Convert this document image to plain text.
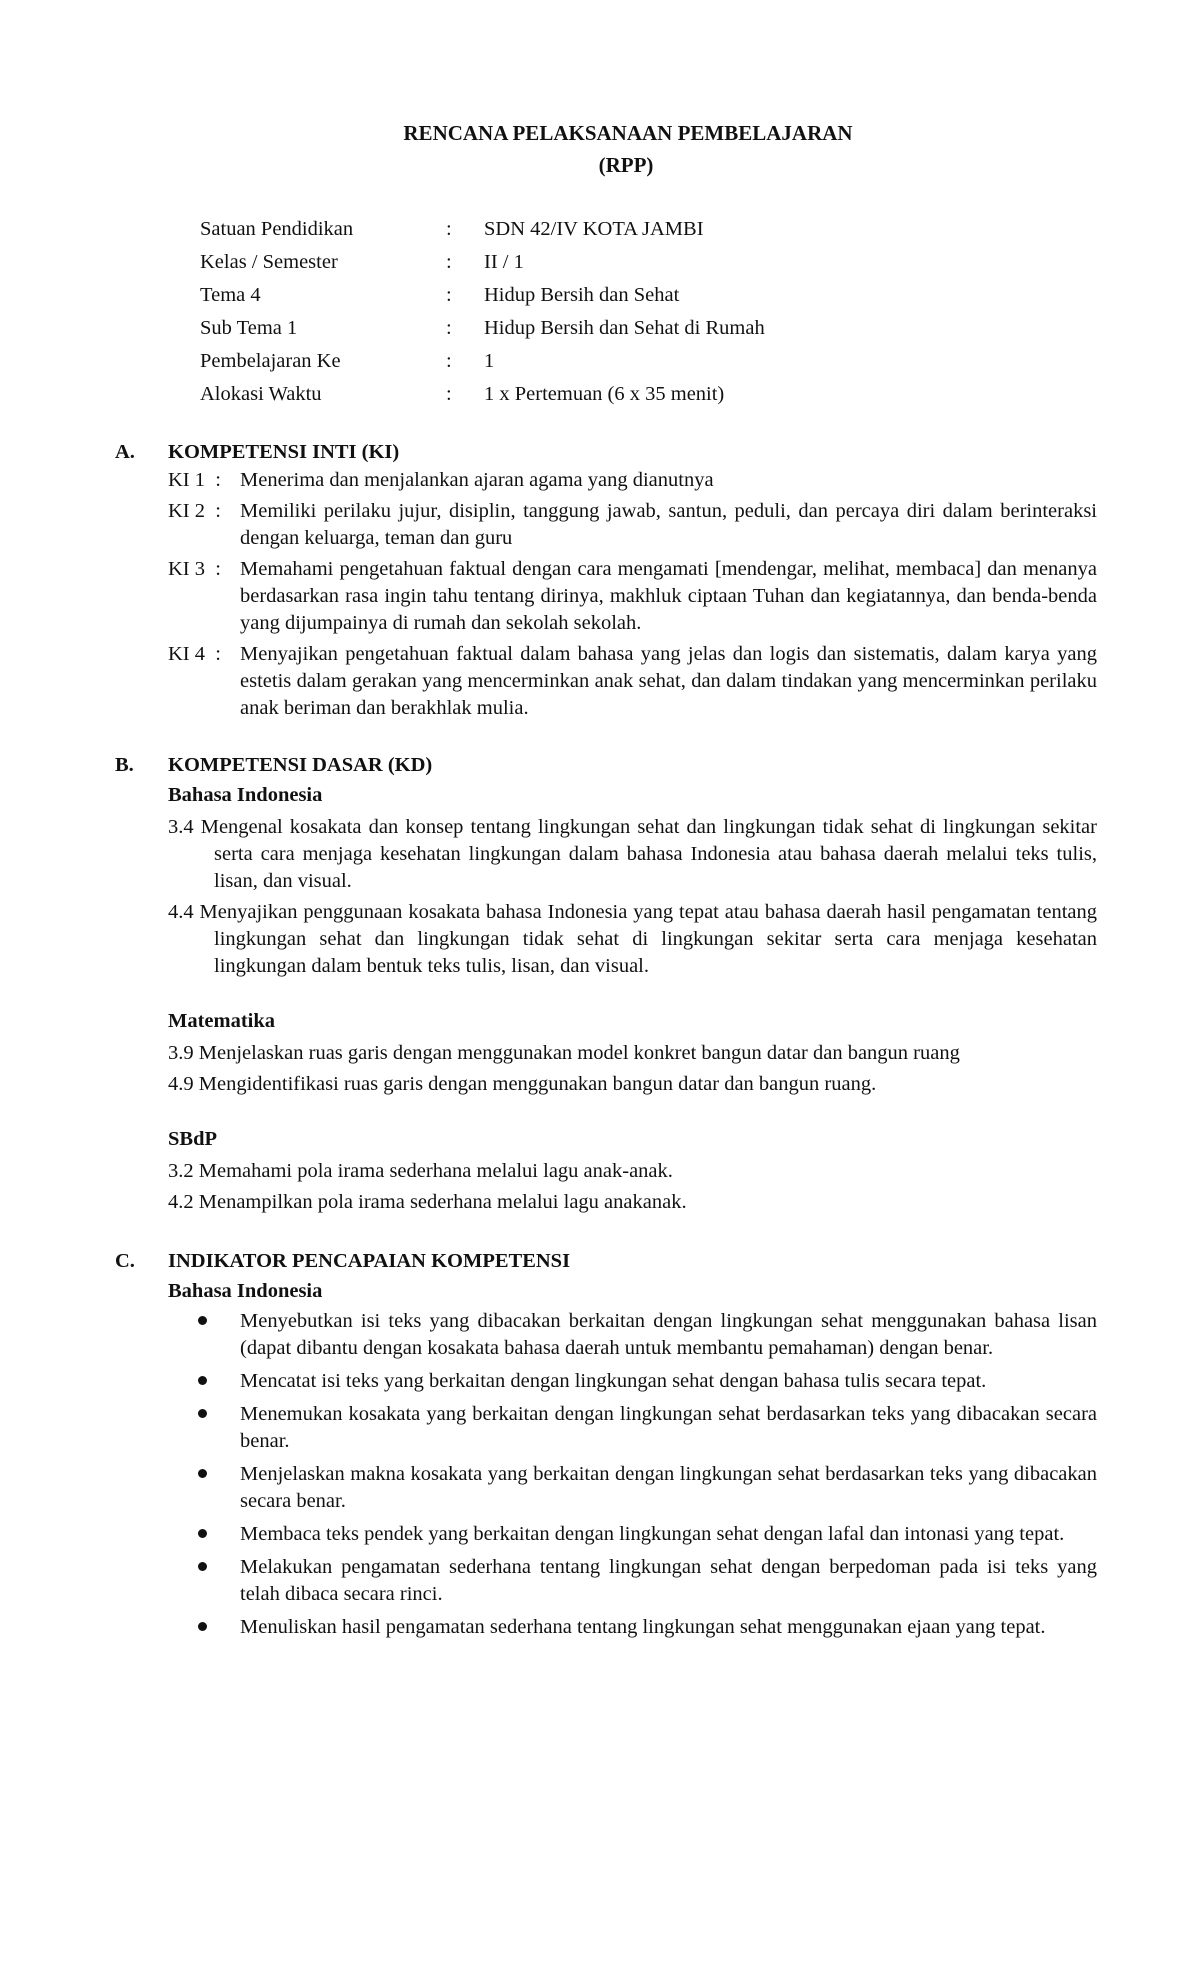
RENCANA PELAKSANAAN PEMBELAJARAN
(RPP)
Satuan Pendidikan	:	SDN 42/IV KOTA JAMBI
Kelas / Semester	:	II / 1
Tema 4	:	Hidup Bersih dan Sehat
Sub Tema 1	:	Hidup Bersih dan Sehat di Rumah
Pembelajaran Ke	:	1
Alokasi Waktu	:	1 x Pertemuan (6 x 35 menit)
A.	KOMPETENSI INTI (KI)
KI 1  : Menerima dan menjalankan ajaran agama yang dianutnya
KI 2  : Memiliki perilaku jujur, disiplin, tanggung jawab, santun, peduli, dan percaya diri dalam berinteraksi dengan keluarga, teman dan guru
KI 3  : Memahami pengetahuan faktual dengan cara mengamati [mendengar, melihat, membaca] dan menanya berdasarkan rasa ingin tahu tentang dirinya, makhluk ciptaan Tuhan dan kegiatannya, dan benda-benda yang dijumpainya di rumah dan sekolah sekolah.
KI 4  : Menyajikan pengetahuan faktual dalam bahasa yang jelas dan logis dan sistematis, dalam karya yang estetis dalam gerakan yang mencerminkan anak sehat, dan dalam tindakan yang mencerminkan perilaku anak beriman dan berakhlak mulia.
B.	KOMPETENSI DASAR (KD)
Bahasa Indonesia
3.4 Mengenal kosakata dan konsep tentang lingkungan sehat dan lingkungan tidak sehat di lingkungan sekitar serta cara menjaga kesehatan lingkungan dalam bahasa Indonesia atau bahasa daerah melalui teks tulis, lisan, dan visual.
4.4 Menyajikan penggunaan kosakata bahasa Indonesia yang tepat atau bahasa daerah hasil pengamatan tentang lingkungan sehat dan lingkungan tidak sehat di lingkungan sekitar serta cara menjaga kesehatan lingkungan dalam bentuk teks tulis, lisan, dan visual.
Matematika
3.9 Menjelaskan ruas garis dengan menggunakan model konkret bangun datar dan bangun ruang
4.9 Mengidentifikasi ruas garis dengan menggunakan bangun datar dan bangun ruang.
SBdP
3.2 Memahami pola irama sederhana melalui lagu anak-anak.
4.2 Menampilkan pola irama sederhana melalui lagu anakanak.
C.	INDIKATOR PENCAPAIAN KOMPETENSI
Bahasa Indonesia
Menyebutkan isi teks yang dibacakan berkaitan dengan lingkungan sehat menggunakan bahasa lisan (dapat dibantu dengan kosakata bahasa daerah untuk membantu pemahaman) dengan benar.
Mencatat isi teks yang berkaitan dengan lingkungan sehat dengan bahasa tulis secara tepat.
Menemukan kosakata yang berkaitan dengan lingkungan sehat berdasarkan teks yang dibacakan secara benar.
Menjelaskan makna kosakata yang berkaitan dengan lingkungan sehat berdasarkan teks yang dibacakan secara benar.
Membaca teks pendek yang berkaitan dengan lingkungan sehat dengan lafal dan intonasi yang tepat.
Melakukan pengamatan sederhana tentang lingkungan sehat dengan berpedoman pada isi teks yang telah dibaca secara rinci.
Menuliskan hasil pengamatan sederhana tentang lingkungan sehat menggunakan ejaan yang tepat.
